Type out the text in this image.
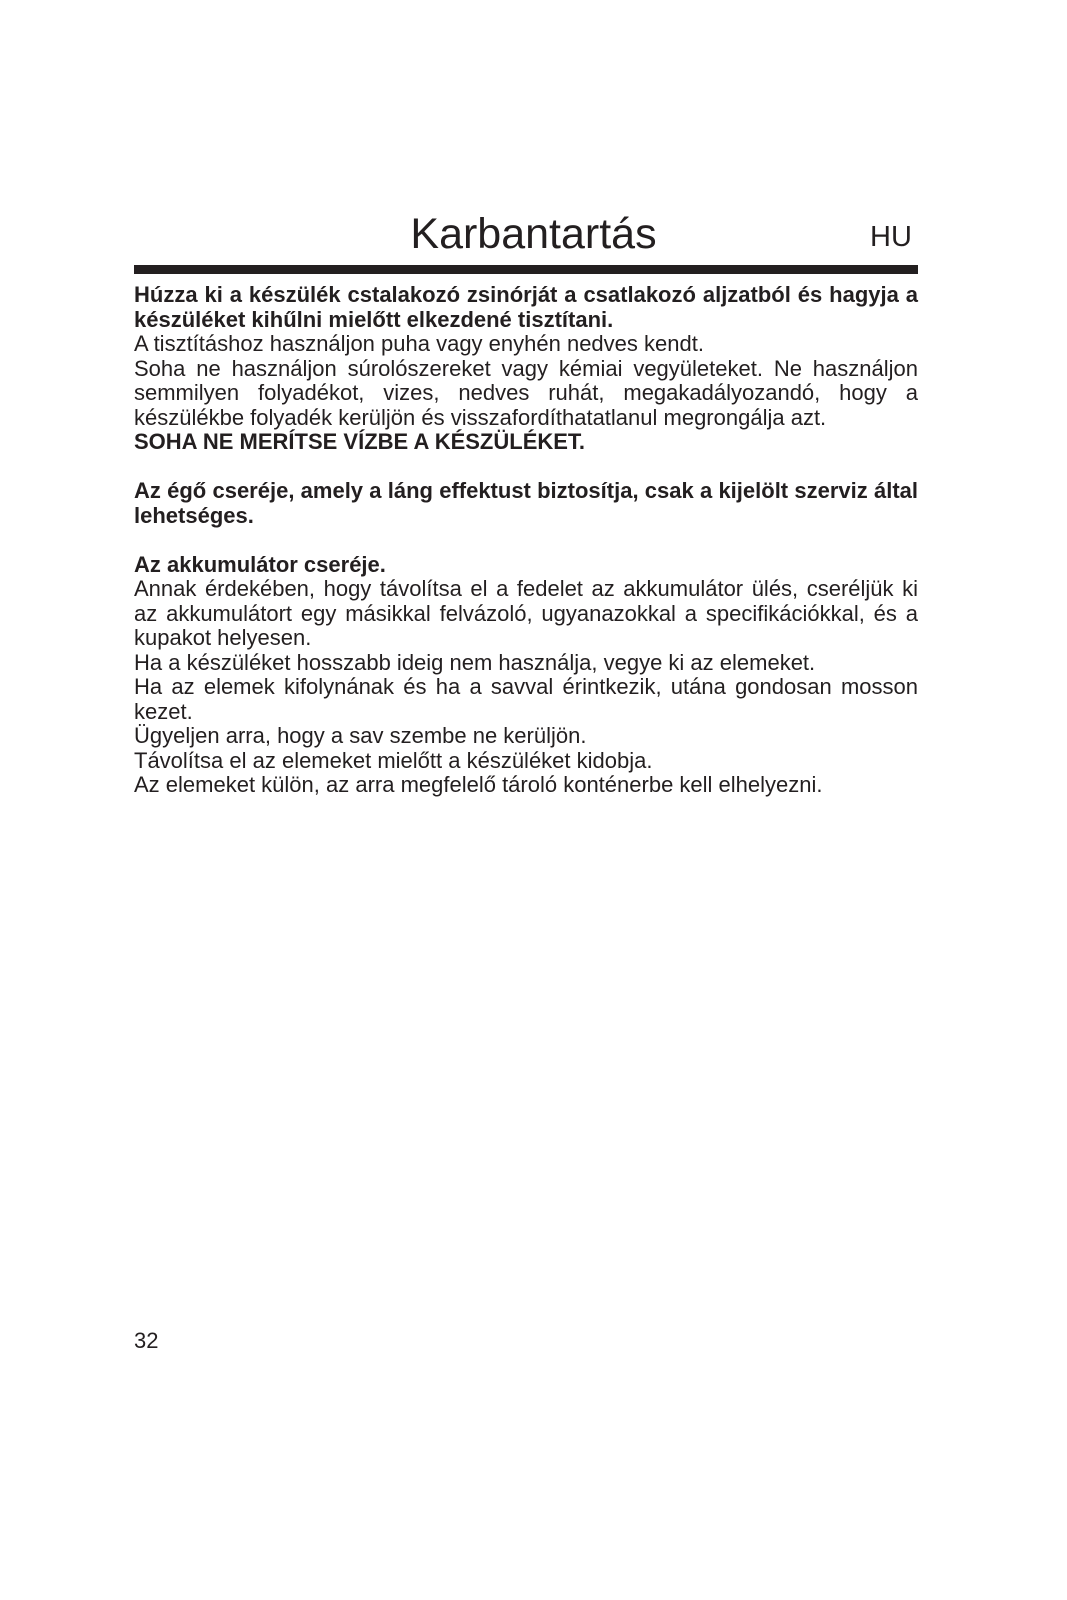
Karbantartás	HU

Húzza ki a készülék cstalakozó zsinórját a csatlakozó aljzatból és hagyja a készüléket kihűlni mielőtt elkezdené tisztítani.

A tisztításhoz használjon puha vagy enyhén nedves kendt.

Soha ne használjon súrolószereket vagy kémiai vegyületeket. Ne használjon semmilyen folyadékot, vizes, nedves ruhát, megakadályozandó, hogy a készülékbe folyadék kerüljön és visszafordíthatatlanul megrongálja azt.

SOHA NE MERÍTSE VÍZBE A KÉSZÜLÉKET.

Az égő cseréje, amely a láng effektust biztosítja, csak a kijelölt szerviz által lehetséges.

Az akkumulátor cseréje.

Annak érdekében, hogy távolítsa el a fedelet az akkumulátor ülés, cseréljük ki az akkumulátort egy másikkal felvázoló, ugyanazokkal a specifikációkkal, és a kupakot helyesen.

Ha a készüléket hosszabb ideig nem használja, vegye ki az elemeket.

Ha az elemek kifolynának és ha a savval érintkezik, utána gondosan mosson kezet.

Ügyeljen arra, hogy a sav szembe ne kerüljön.

Távolítsa el az elemeket mielőtt a készüléket kidobja.

Az elemeket külön, az arra megfelelő tároló konténerbe kell elhelyezni.

32
